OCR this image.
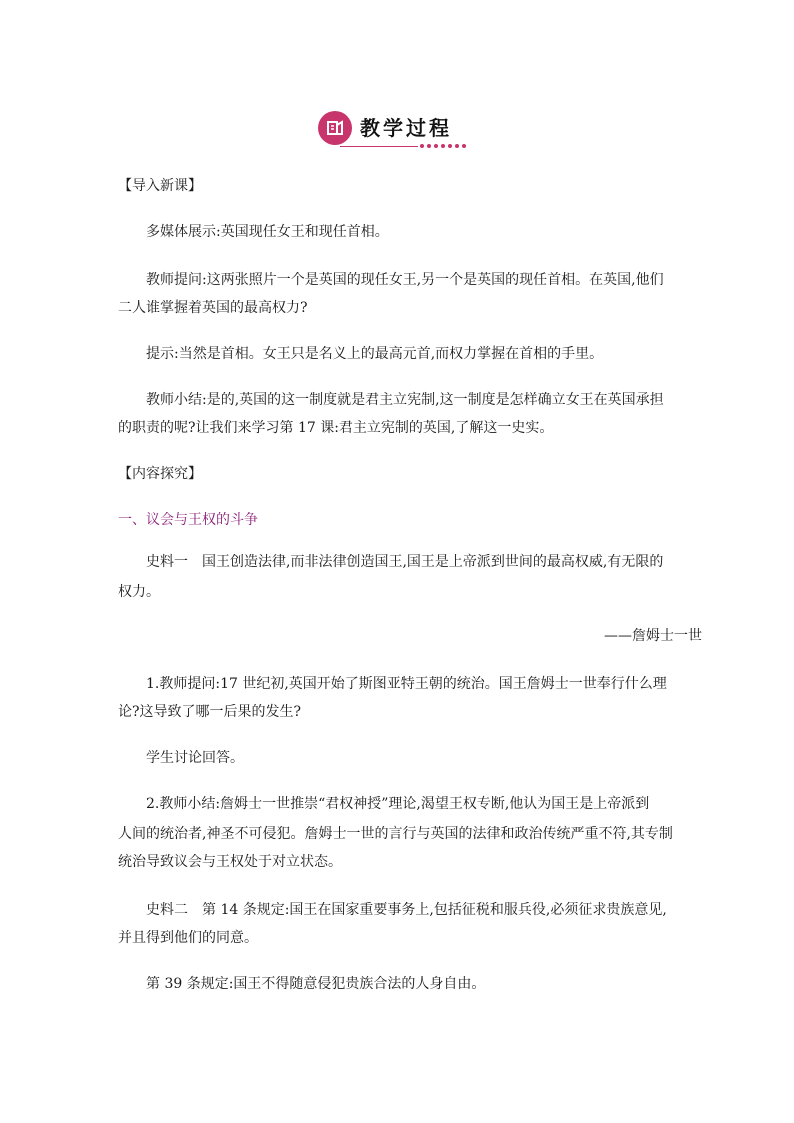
教学过程

【导入新课】

多媒体展示:英国现任女王和现任首相。

教师提问:这两张照片一个是英国的现任女王,另一个是英国的现任首相。在英国,他们

二人谁掌握着英国的最高权力?

提示:当然是首相。女王只是名义上的最高元首,而权力掌握在首相的手里。

教师小结:是的,英国的这一制度就是君主立宪制,这一制度是怎样确立女王在英国承担

的职责的呢?让我们来学习第 17 课:君主立宪制的英国,了解这一史实。

【内容探究】

一、议会与王权的斗争

史料一　国王创造法律,而非法律创造国王,国王是上帝派到世间的最高权威,有无限的

权力。

——詹姆士一世

1.教师提问:17 世纪初,英国开始了斯图亚特王朝的统治。国王詹姆士一世奉行什么理

论?这导致了哪一后果的发生?

学生讨论回答。

2.教师小结:詹姆士一世推崇“君权神授”理论,渴望王权专断,他认为国王是上帝派到

人间的统治者,神圣不可侵犯。詹姆士一世的言行与英国的法律和政治传统严重不符,其专制

统治导致议会与王权处于对立状态。

史料二　第 14 条规定:国王在国家重要事务上,包括征税和服兵役,必须征求贵族意见,

并且得到他们的同意。

第 39 条规定:国王不得随意侵犯贵族合法的人身自由。
